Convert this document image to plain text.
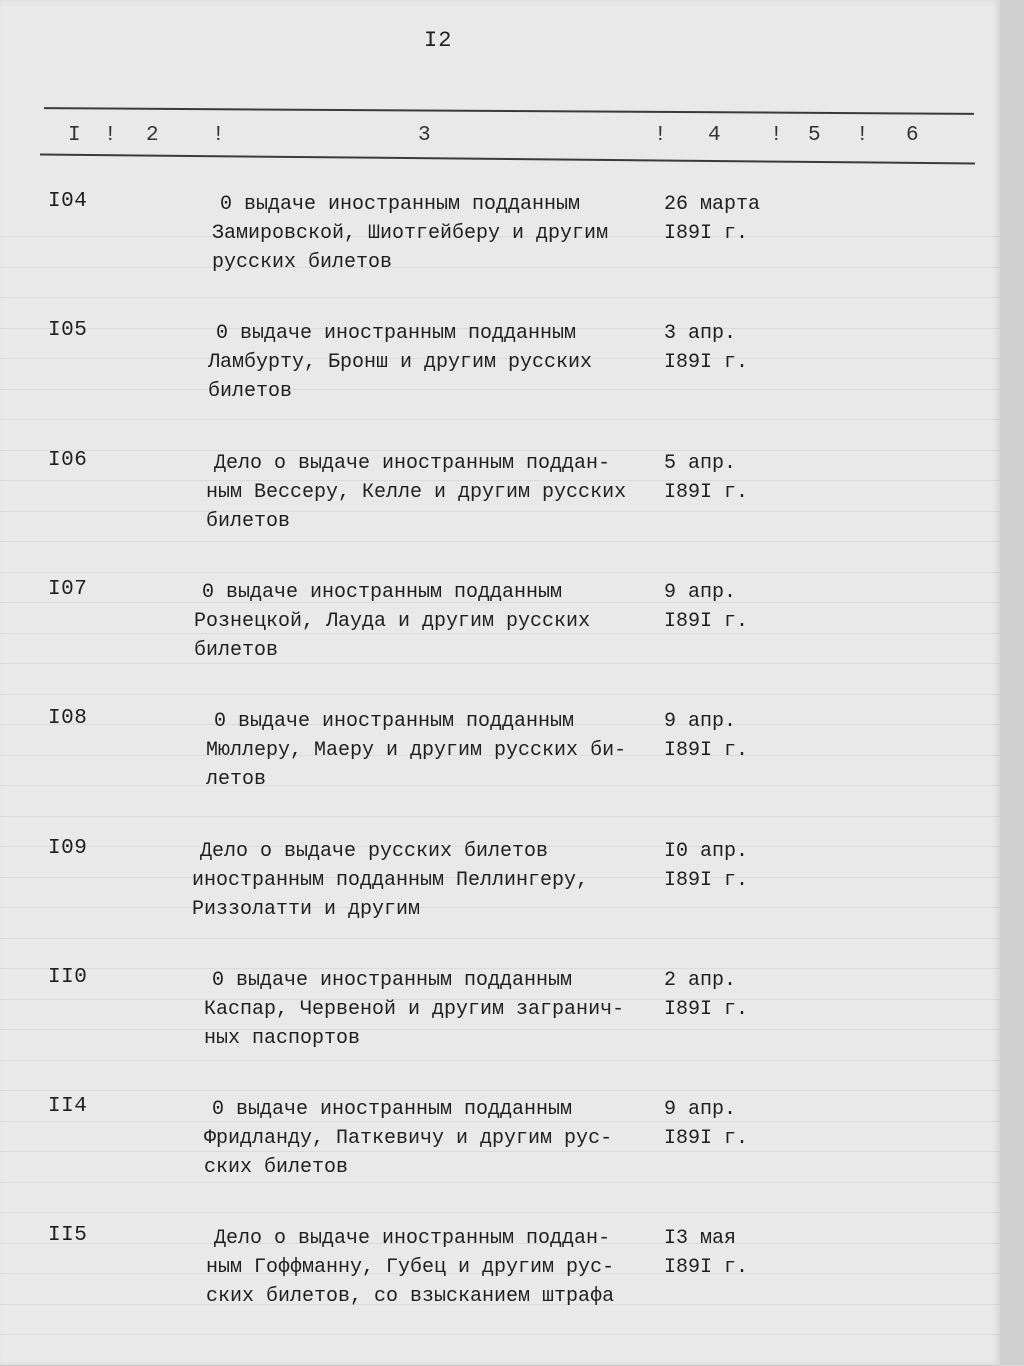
I2
I ! 2	!	3	! 4 ! 5 ! 6
I04	0 выдаче иностранным подданным
Замировской, Шиотгейберу и другим
русских билетов
26 марта
I89I г.
I05	0 выдаче иностранным подданным
Ламбурту, Бронш и другим русских
билетов
3 апр.
I89I г.
I06	Дело о выдаче иностранным поддан-
ным Вессеру, Келле и другим русских
билетов
5 апр.
I89I г.
I07	0 выдаче иностранным подданным
Рознецкой, Лауда и другим русских
билетов
9 апр.
I89I г.
I08	0 выдаче иностранным подданным
Мюллеру, Маеру и другим русских би-
летов
9 апр.
I89I г.
I09	Дело о выдаче русских билетов
иностранным подданным Пеллингеру,
Риззолатти и другим
I0 апр.
I89I г.
II0	0 выдаче иностранным подданным
Каспар, Червеной и другим загранич-
ных паспортов
2 апр.
I89I г.
II4	0 выдаче иностранным подданным
Фридланду, Паткевичу и другим рус-
ских билетов
9 апр.
I89I г.
II5	Дело о выдаче иностранным поддан-
ным Гоффманну, Губец и другим рус-
ских билетов, со взысканием штрафа
I3 мая
I89I г.
